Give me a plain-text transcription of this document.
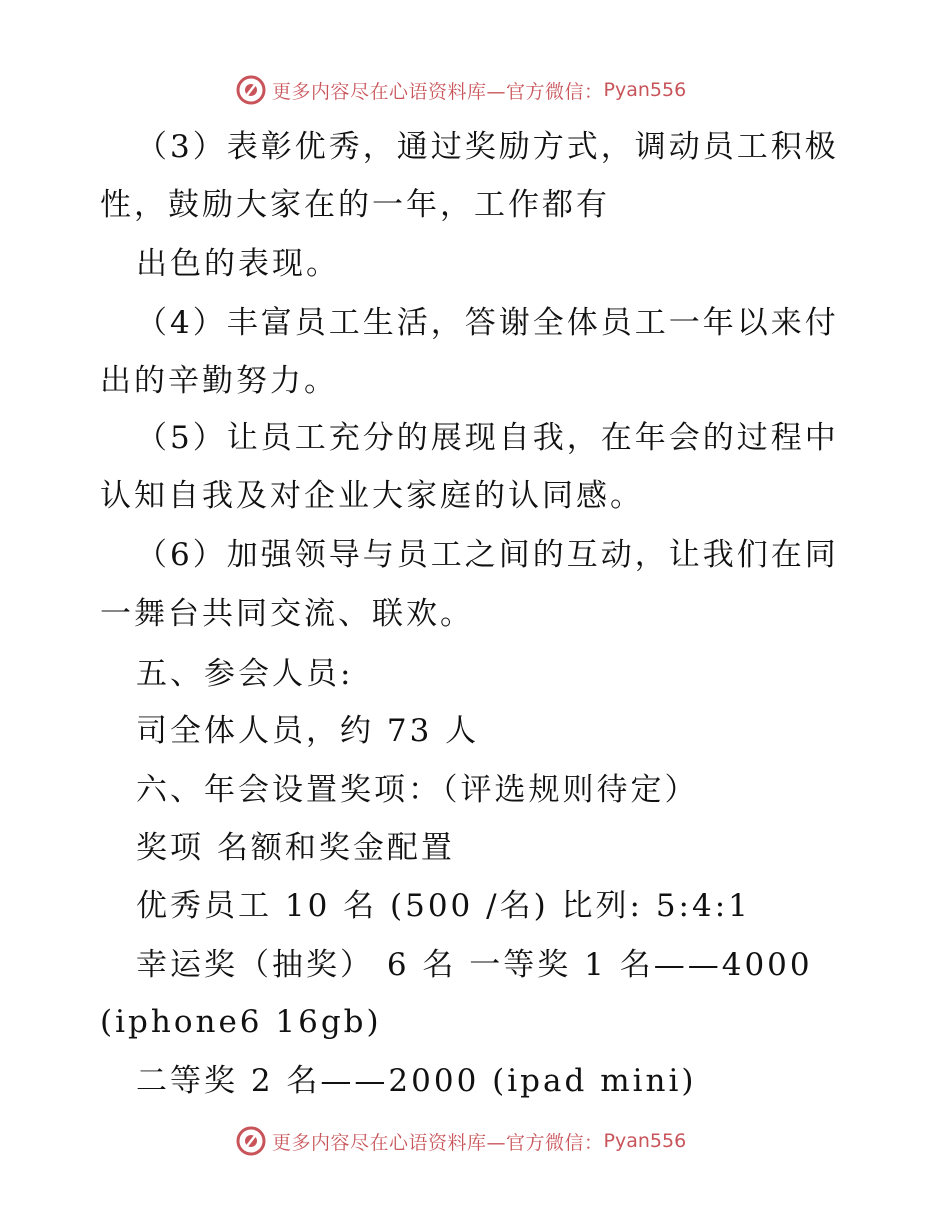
更多内容尽在心语资料库—官方微信： Pyan556
（3）表彰优秀，通过奖励方式，调动员工积极
性，鼓励大家在的一年，工作都有
出色的表现。
（4）丰富员工生活，答谢全体员工一年以来付
出的辛勤努力。
（5）让员工充分的展现自我，在年会的过程中
认知自我及对企业大家庭的认同感。
（6）加强领导与员工之间的互动，让我们在同
一舞台共同交流、联欢。
五、参会人员:
司全体人员，约 73 人
六、年会设置奖项：（评选规则待定）
奖项 名额和奖金配置
优秀员工 10 名 (500 /名) 比列: 5:4:1
幸运奖（抽奖） 6 名 一等奖 1 名——4000
(iphone6 16gb)
二等奖 2 名——2000 (ipad mini)
更多内容尽在心语资料库—官方微信： Pyan556
